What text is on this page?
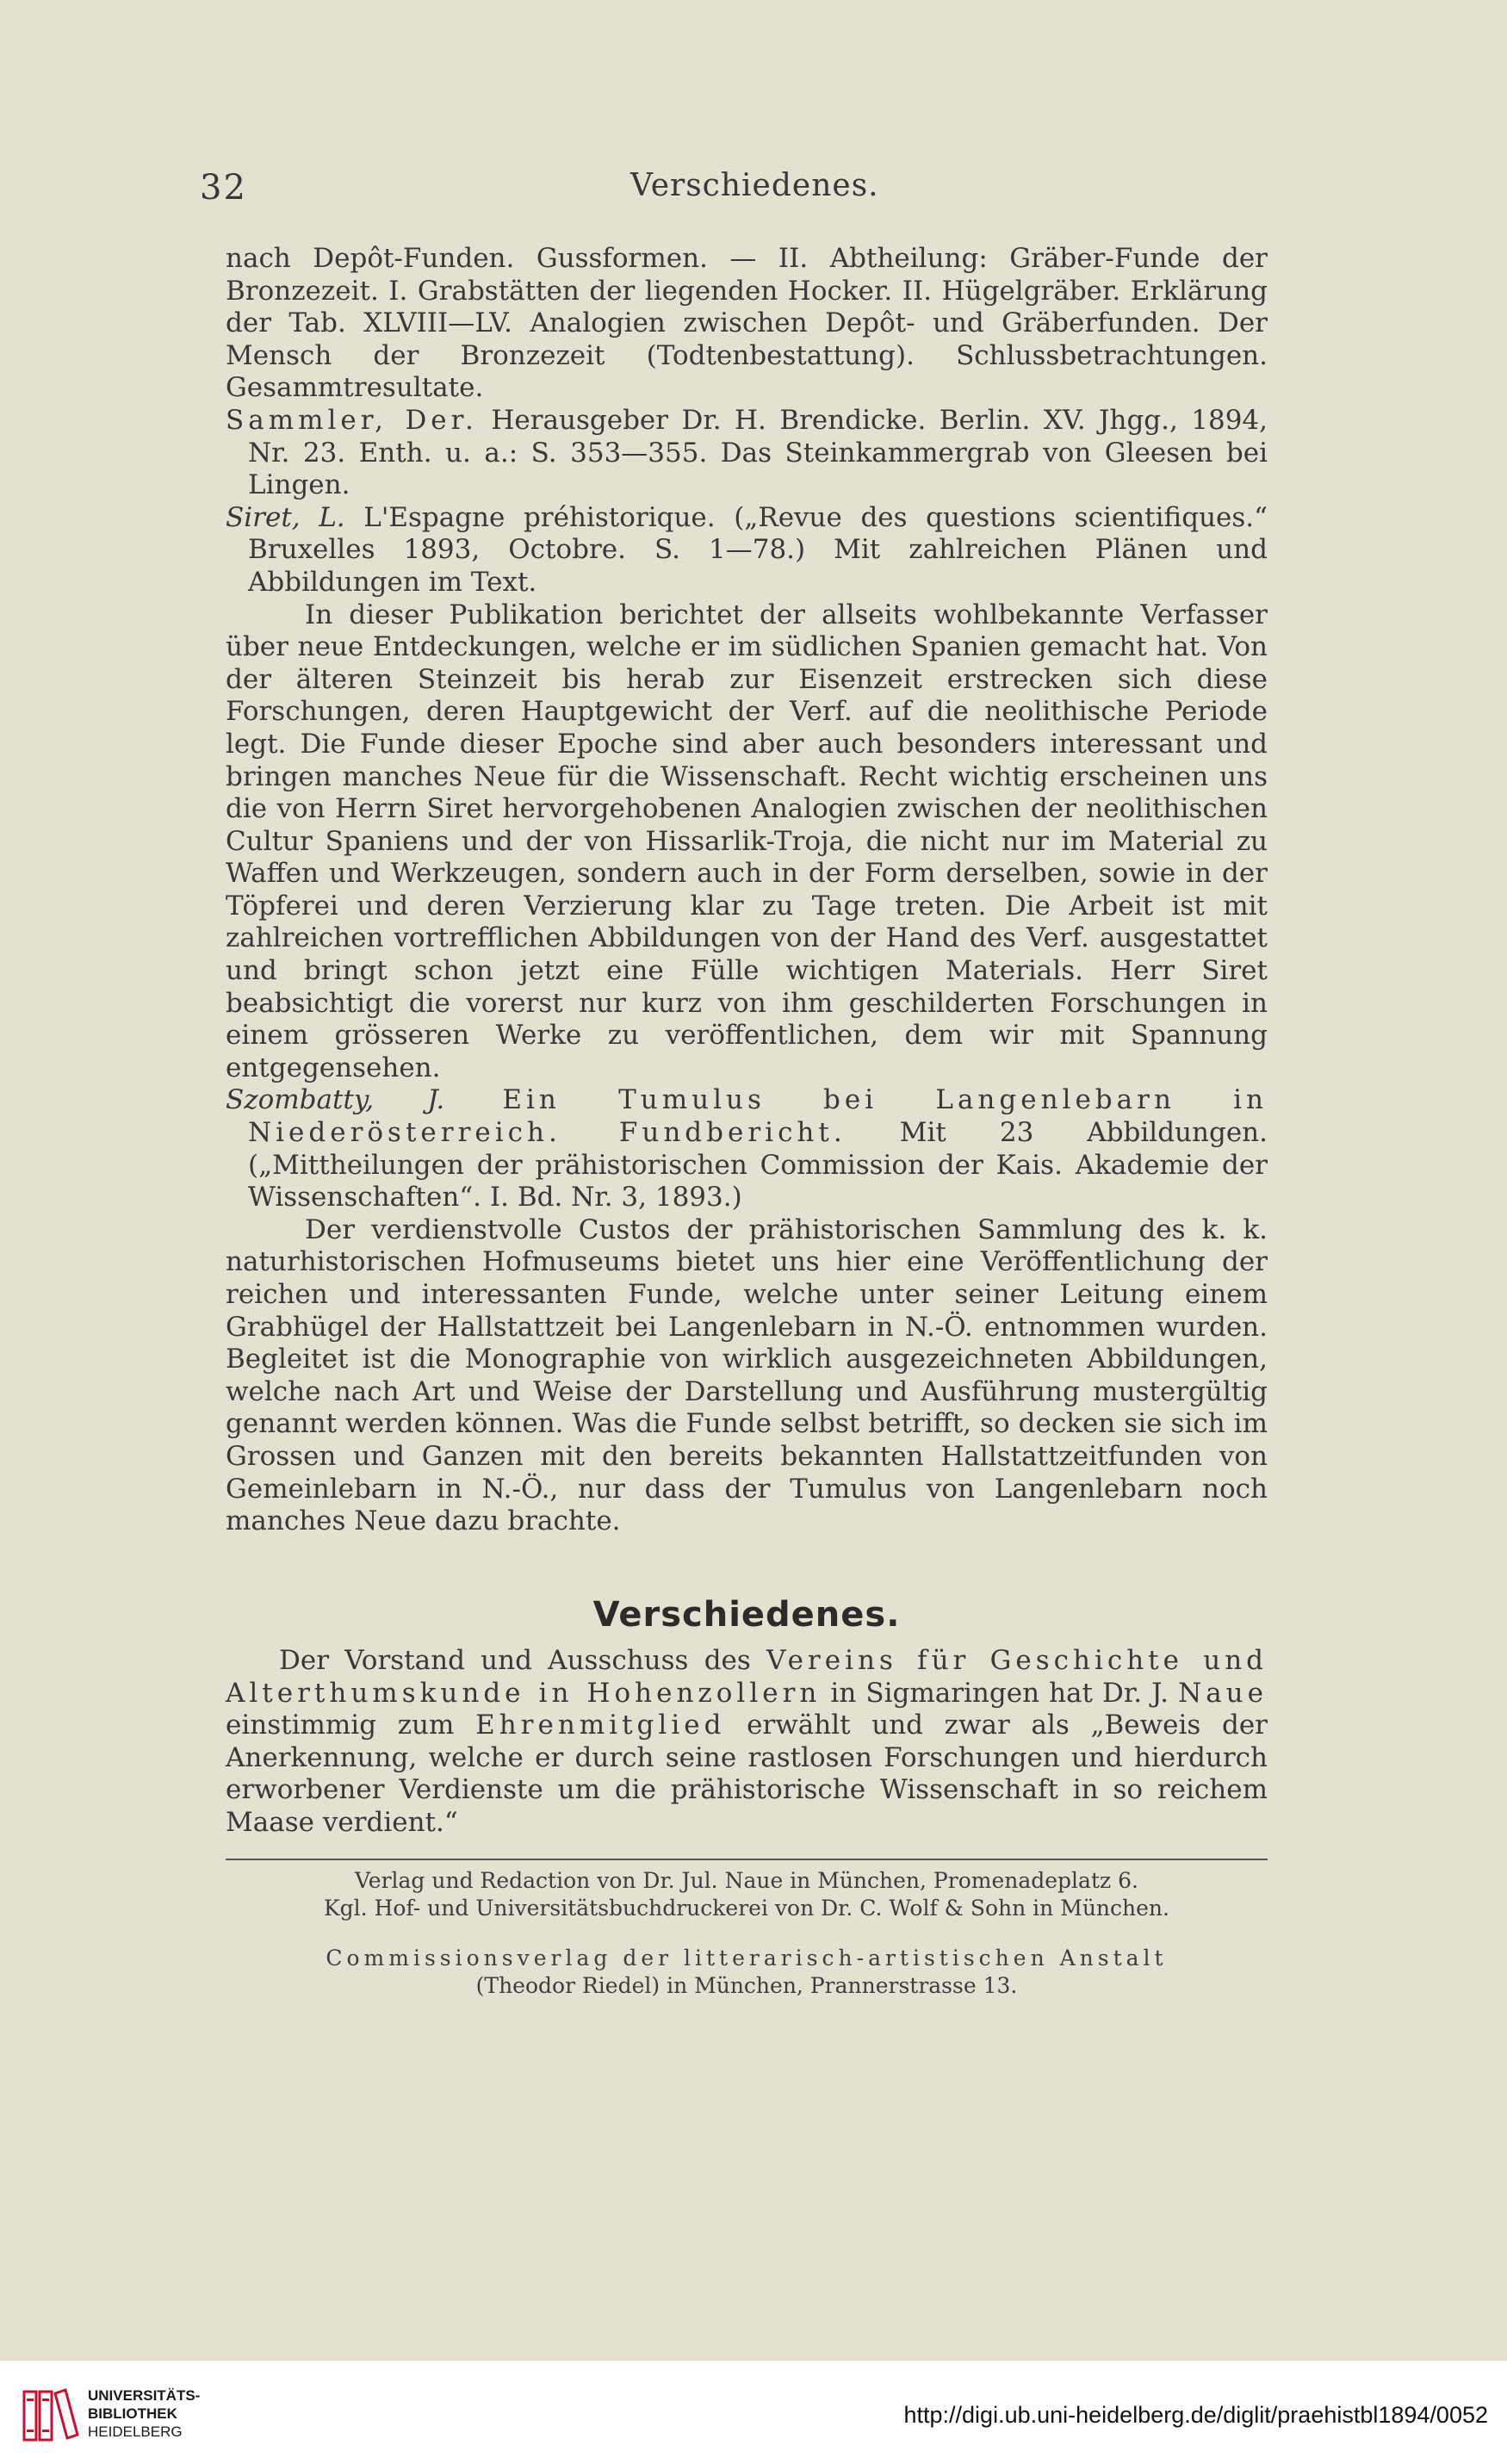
32	Verschiedenes.

nach Depôt-Funden. Gussformen. — II. Abtheilung: Gräber-Funde der Bronzezeit. I. Grabstätten der liegenden Hocker. II. Hügelgräber. Erklärung der Tab. XLVIII—LV. Analogien zwischen Depôt- und Gräberfunden. Der Mensch der Bronzezeit (Todtenbestattung). Schlussbetrachtungen. Gesammtresultate.

Sammler, Der. Herausgeber Dr. H. Brendicke. Berlin. XV. Jhgg., 1894, Nr. 23. Enth. u. a.: S. 353—355. Das Steinkammergrab von Gleesen bei Lingen.

Siret, L. L'Espagne préhistorique. („Revue des questions scientifiques.“ Bruxelles 1893, Octobre. S. 1—78.) Mit zahlreichen Plänen und Abbildungen im Text.

In dieser Publikation berichtet der allseits wohlbekannte Verfasser über neue Entdeckungen, welche er im südlichen Spanien gemacht hat. Von der älteren Steinzeit bis herab zur Eisenzeit erstrecken sich diese Forschungen, deren Hauptgewicht der Verf. auf die neolithische Periode legt. Die Funde dieser Epoche sind aber auch besonders interessant und bringen manches Neue für die Wissenschaft. Recht wichtig erscheinen uns die von Herrn Siret hervorgehobenen Analogien zwischen der neolithischen Cultur Spaniens und der von Hissarlik-Troja, die nicht nur im Material zu Waffen und Werkzeugen, sondern auch in der Form derselben, sowie in der Töpferei und deren Verzierung klar zu Tage treten. Die Arbeit ist mit zahlreichen vortrefflichen Abbildungen von der Hand des Verf. ausgestattet und bringt schon jetzt eine Fülle wichtigen Materials. Herr Siret beabsichtigt die vorerst nur kurz von ihm geschilderten Forschungen in einem grösseren Werke zu veröffentlichen, dem wir mit Spannung entgegensehen.

Szombatty, J. Ein Tumulus bei Langenlebarn in Niederösterreich. Fundbericht. Mit 23 Abbildungen. („Mittheilungen der prähistorischen Commission der Kais. Akademie der Wissenschaften“. I. Bd. Nr. 3, 1893.)

Der verdienstvolle Custos der prähistorischen Sammlung des k. k. naturhistorischen Hofmuseums bietet uns hier eine Veröffentlichung der reichen und interessanten Funde, welche unter seiner Leitung einem Grabhügel der Hallstattzeit bei Langenlebarn in N.-Ö. entnommen wurden. Begleitet ist die Monographie von wirklich ausgezeichneten Abbildungen, welche nach Art und Weise der Darstellung und Ausführung mustergültig genannt werden können. Was die Funde selbst betrifft, so decken sie sich im Grossen und Ganzen mit den bereits bekannten Hallstattzeitfunden von Gemeinlebarn in N.-Ö., nur dass der Tumulus von Langenlebarn noch manches Neue dazu brachte.

Verschiedenes.

Der Vorstand und Ausschuss des Vereins für Geschichte und Alterthumskunde in Hohenzollern in Sigmaringen hat Dr. J. Naue einstimmig zum Ehrenmitglied erwählt und zwar als „Beweis der Anerkennung, welche er durch seine rastlosen Forschungen und hierdurch erworbener Verdienste um die prähistorische Wissenschaft in so reichem Maase verdient.“

Verlag und Redaction von Dr. Jul. Naue in München, Promenadeplatz 6.

Kgl. Hof- und Universitätsbuchdruckerei von Dr. C. Wolf & Sohn in München.

Commissionsverlag der litterarisch-artistischen Anstalt

(Theodor Riedel) in München, Prannerstrasse 13.

UNIVERSITÄTS-
BIBLIOTHEK
HEIDELBERG
http://digi.ub.uni-heidelberg.de/diglit/praehistbl1894/0052
